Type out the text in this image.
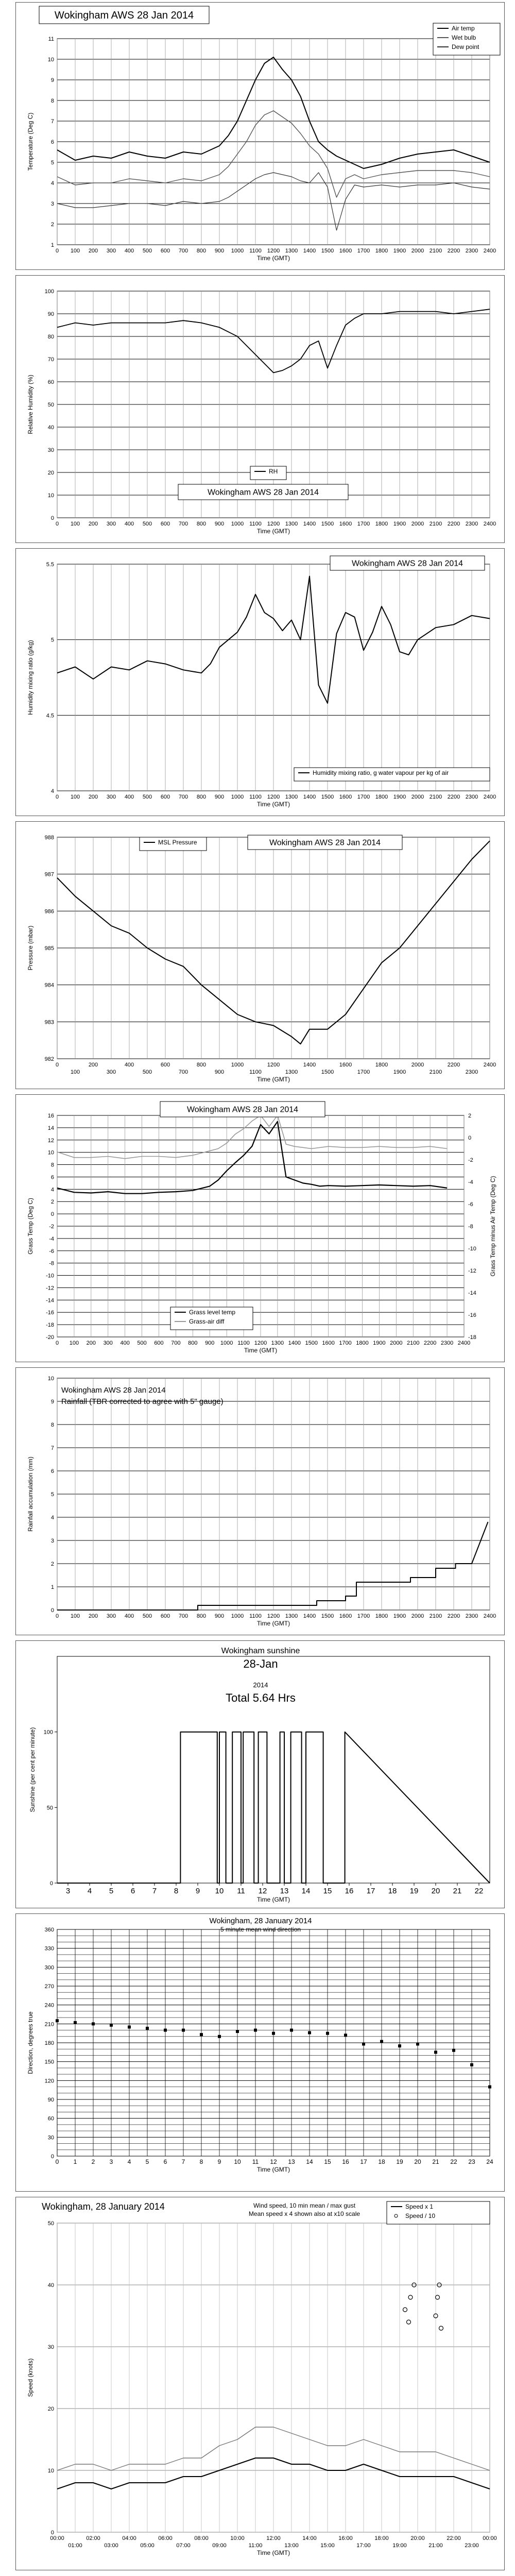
1
2
3
4
5
6
7
8
9
10
11
0 100 200 300 400 500 600 700 800 900 1000 1100 1200 1300 1400 1500 1600 1700 1800 1900 2000 2100 2200 2300 2400
Time (GMT)
Temperature (Deg C)
Wokingham AWS 28 Jan 2014
Air temp
Wet bulb
Dew point
0
10
20
30
40
50
60
70
80
90
100
0 100 200 300 400 500 600 700 800 900 1000 1100 1200 1300 1400 1500 1600 1700 1800 1900 2000 2100 2200 2300 2400
Time (GMT)
Relative Humidity (%)
RH
Wokingham AWS 28 Jan 2014
4
4.5
5
5.5
0 100 200 300 400 500 600 700 800 900 1000 1100 1200 1300 1400 1500 1600 1700 1800 1900 2000 2100 2200 2300 2400
Time (GMT)
Humidity mixing ratio (g/kg)
Wokingham AWS 28 Jan 2014
Humidity mixing ratio, g water vapour per kg of air
982
983
984
985
986
987
988
0
100
200
300
400
500
600
700
800
900
1000
1100
1200
1300
1400
1500
1600
1700
1800
1900
2000
2100
2200
2300
2400
Time (GMT)
Pressure (mbar)
MSL Pressure	Wokingham AWS 28 Jan 2014
16
14
12
10
8
6
4
2
0
-2
-4
-6
-8
-10
-12
-14
-16
-18
-20
0 100 200 300 400 500 600 700 800 900 1000 1100 1200 1300 1400 1500 1600 1700 1800 1900 2000 2100 2200 2300 2400
Time (GMT)
Grass Temp (Deg C)
2
0
-2
-4
-6
-8
-10
-12
-14
-16
-18
Grass Temp minus Air Temp (Deg C)
Wokingham AWS 28 Jan 2014
Grass level temp
Grass-air diff
0
1
2
3
4
5
6
7
8
9
10
0 100 200 300 400 500 600 700 800 900 1000 1100 1200 1300 1400 1500 1600 1700 1800 1900 2000 2100 2200 2300 2400
Time (GMT)
Rainfall accumulation (mm)
Wokingham AWS 28 Jan 2014
Rainfall (TBR corrected to agree with 5" gauge)
0
50
100
3 4 5 6 7 8 9 10 11 12 13 14 15 16 17 18 19 20 21 22
Time (GMT)
Sunshine (per cent per minute)
Wokingham sunshine
28-Jan
2014
Total 5.64 Hrs
0
30
60
90
120
150
180
210
240
270
300
330
360
0 1 2 3 4 5 6 7 8 9 10 11 12 13 14 15 16 17 18 19 20 21 22 23 24
Time (GMT)
Direction, degrees true
Wokingham, 28 January 2014
5 minute mean wind direction
0
10
20
30
40
50
00:00
01:00
02:00
03:00
04:00
05:00
06:00
07:00
08:00
09:00
10:00
11:00
12:00
13:00
14:00
15:00
16:00
17:00
18:00
19:00
20:00
21:00
22:00
23:00
00:00
Time (GMT)
Speed (knots)
Wokingham, 28 January 2014	Wind speed, 10 min mean / max gust
Mean speed x 4 shown also at x10 scale
Speed x 1
Speed / 10
